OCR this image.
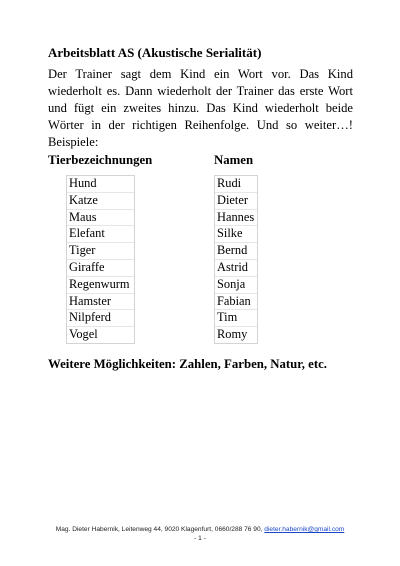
Arbeitsblatt AS (Akustische Serialität)
Der Trainer sagt dem Kind ein Wort vor. Das Kind wiederholt es. Dann wiederholt der Trainer das erste Wort und fügt ein zweites hinzu. Das Kind wiederholt beide Wörter in der richtigen Reihenfolge. Und so weiter…! Beispiele:
Tierbezeichnungen	Namen
Hund
Katze
Maus
Elefant
Tiger
Giraffe
Regenwurm
Hamster
Nilpferd
Vogel
Rudi
Dieter
Hannes
Silke
Bernd
Astrid
Sonja
Fabian
Tim
Romy
Weitere Möglichkeiten: Zahlen, Farben, Natur, etc.
Mag. Dieter Habernik, Leitenweg 44, 9020 Klagenfurt, 0660/288 76 90, dieter.habernik@gmail.com
- 1 -
